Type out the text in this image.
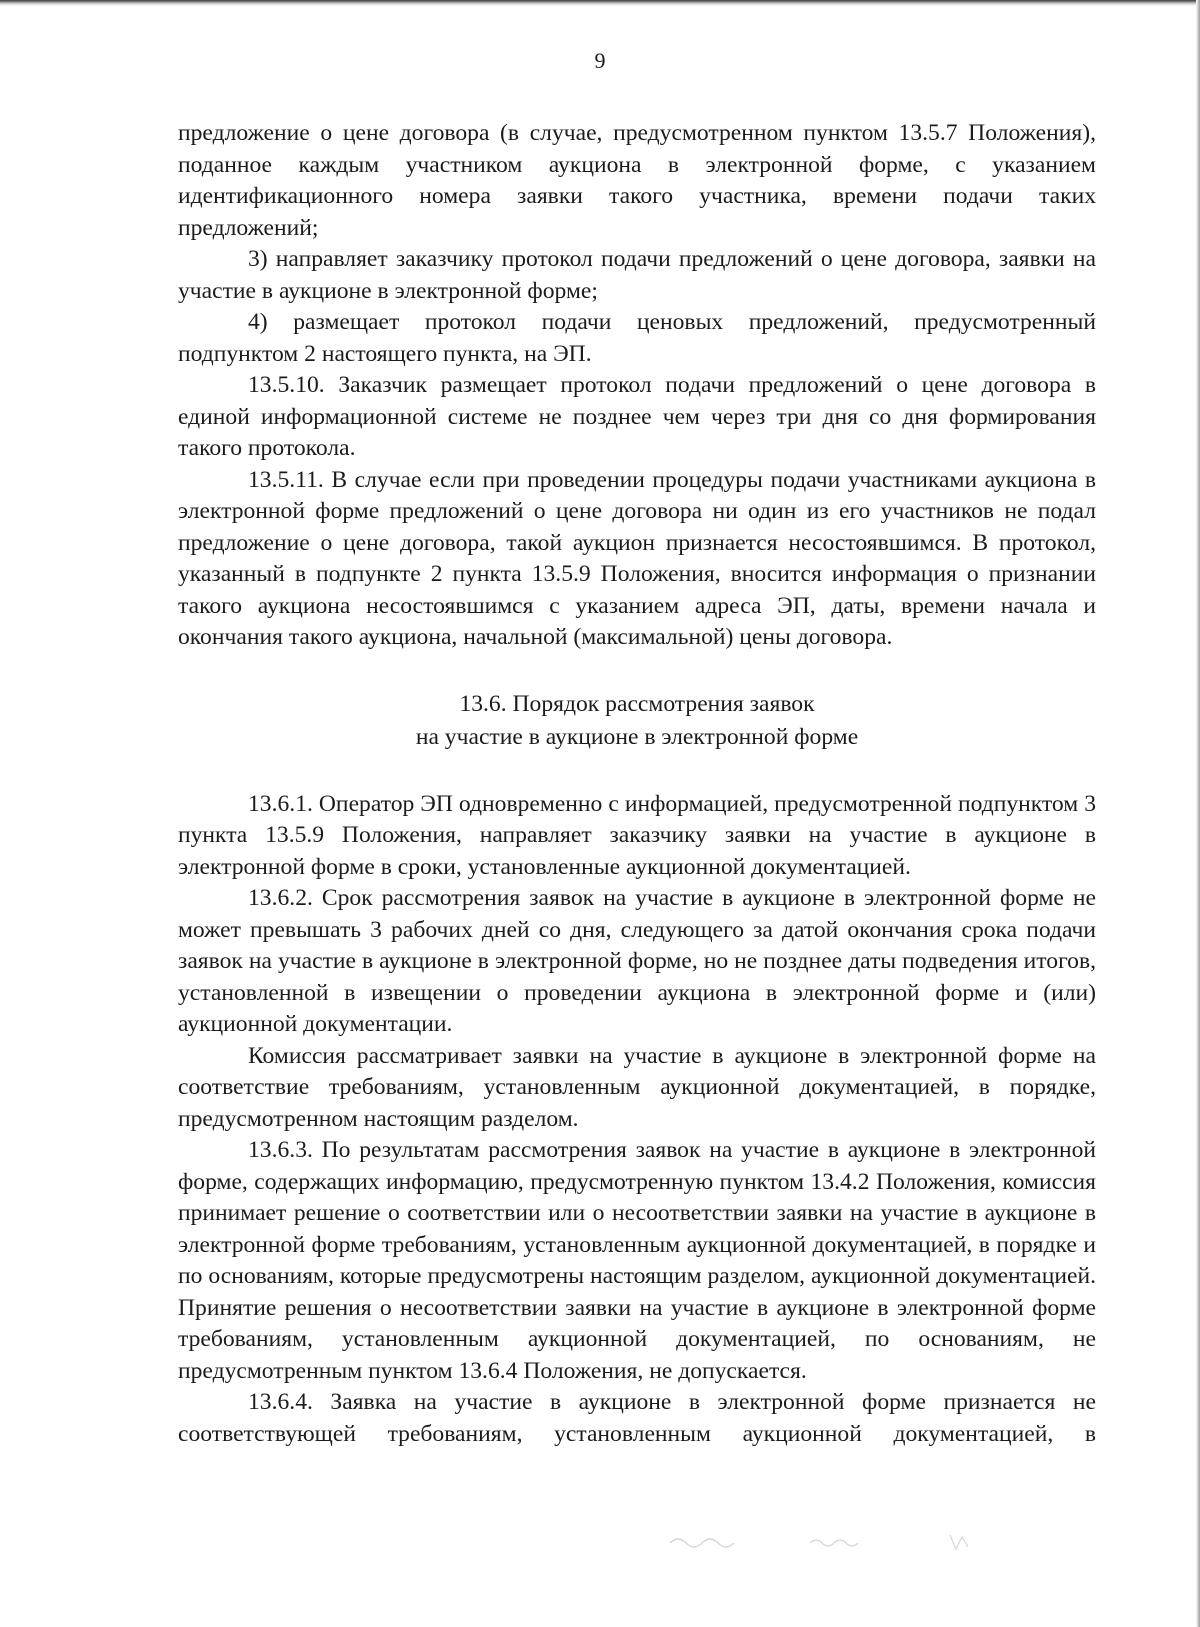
9

предложение о цене договора (в случае, предусмотренном пунктом 13.5.7 Положения), поданное каждым участником аукциона в электронной форме, с указанием идентификационного номера заявки такого участника, времени подачи таких предложений;

3) направляет заказчику протокол подачи предложений о цене договора, заявки на участие в аукционе в электронной форме;

4) размещает протокол подачи ценовых предложений, предусмотренный подпунктом 2 настоящего пункта, на ЭП.

13.5.10. Заказчик размещает протокол подачи предложений о цене договора в единой информационной системе не позднее чем через три дня со дня формирования такого протокола.

13.5.11. В случае если при проведении процедуры подачи участниками аукциона в электронной форме предложений о цене договора ни один из его участников не подал предложение о цене договора, такой аукцион признается несостоявшимся. В протокол, указанный в подпункте 2 пункта 13.5.9 Положения, вносится информация о признании такого аукциона несостоявшимся с указанием адреса ЭП, даты, времени начала и окончания такого аукциона, начальной (максимальной) цены договора.

13.6. Порядок рассмотрения заявок
на участие в аукционе в электронной форме

13.6.1. Оператор ЭП одновременно с информацией, предусмотренной подпунктом 3 пункта 13.5.9 Положения, направляет заказчику заявки на участие в аукционе в электронной форме в сроки, установленные аукционной документацией.

13.6.2. Срок рассмотрения заявок на участие в аукционе в электронной форме не может превышать 3 рабочих дней со дня, следующего за датой окончания срока подачи заявок на участие в аукционе в электронной форме, но не позднее даты подведения итогов, установленной в извещении о проведении аукциона в электронной форме и (или) аукционной документации.

Комиссия рассматривает заявки на участие в аукционе в электронной форме на соответствие требованиям, установленным аукционной документацией, в порядке, предусмотренном настоящим разделом.

13.6.3. По результатам рассмотрения заявок на участие в аукционе в электронной форме, содержащих информацию, предусмотренную пунктом 13.4.2 Положения, комиссия принимает решение о соответствии или о несоответствии заявки на участие в аукционе в электронной форме требованиям, установленным аукционной документацией, в порядке и по основаниям, которые предусмотрены настоящим разделом, аукционной документацией. Принятие решения о несоответствии заявки на участие в аукционе в электронной форме требованиям, установленным аукционной документацией, по основаниям, не предусмотренным пунктом 13.6.4 Положения, не допускается.

13.6.4. Заявка на участие в аукционе в электронной форме признается не соответствующей требованиям, установленным аукционной документацией, в
